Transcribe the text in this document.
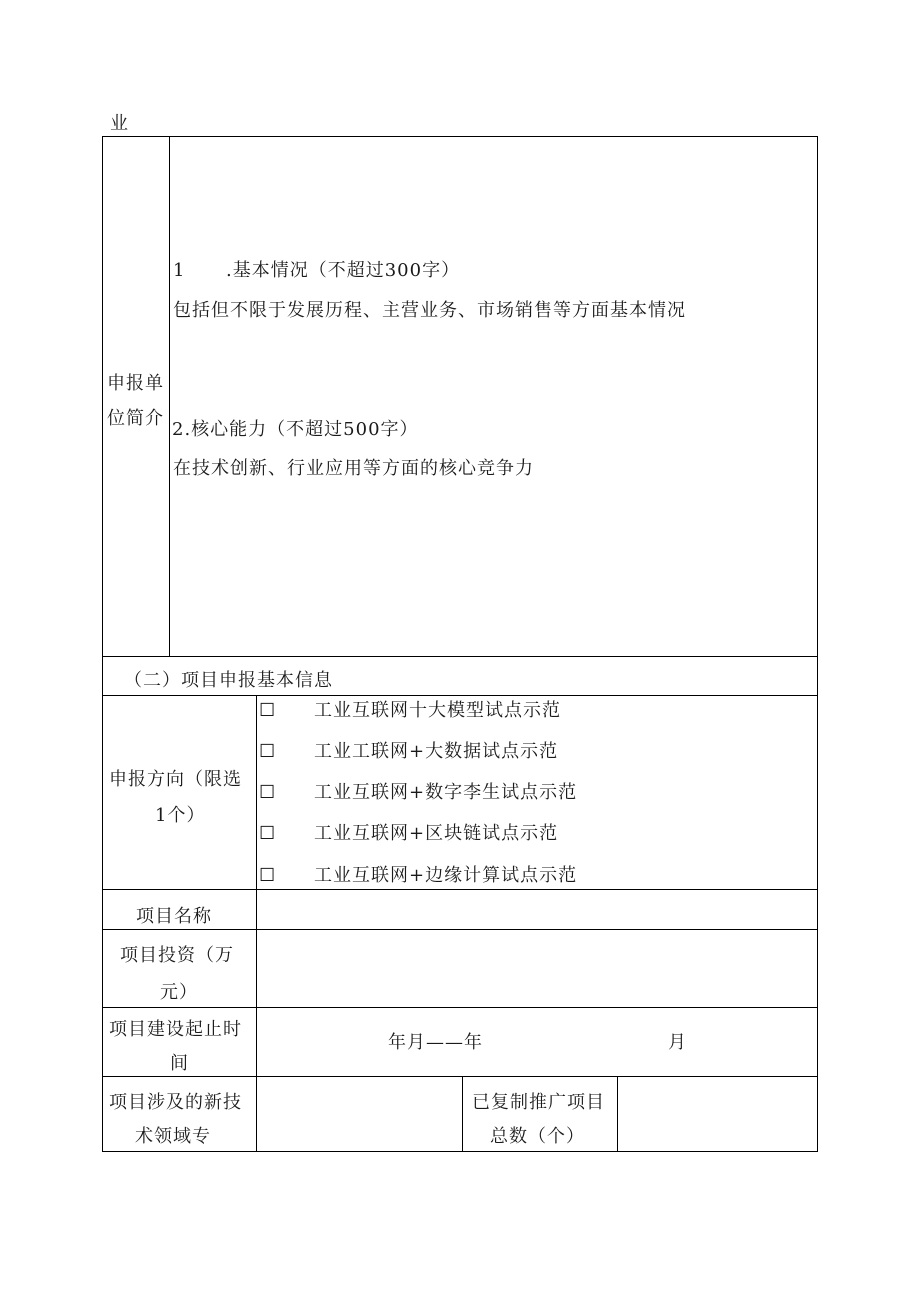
业
申报单
位简介
1 .基本情况（不超过300字）
包括但不限于发展历程、主营业务、市场销售等方面基本情况
2.核心能力（不超过500字）
在技术创新、行业应用等方面的核心竞争力
（二）项目申报基本信息
申报方向（限选
1个）
☐ 工业互联网十大模型试点示范
☐ 工业工联网+大数据试点示范
☐ 工业互联网+数字李生试点示范
☐ 工业互联网+区块链试点示范
☐ 工业互联网+边缘计算试点示范
项目名称
项目投资（万
元）
项目建设起止时
间
年月——年	月
项目涉及的新技
术领域专
已复制推广项目
总数（个）
